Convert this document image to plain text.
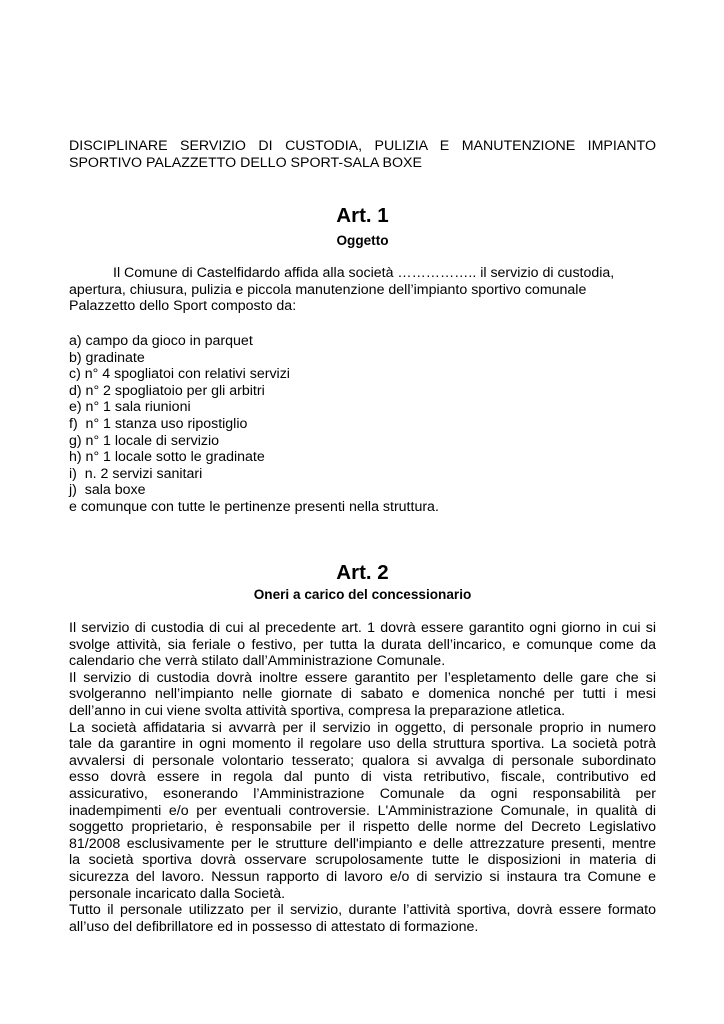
DISCIPLINARE SERVIZIO DI CUSTODIA, PULIZIA E MANUTENZIONE IMPIANTO

SPORTIVO PALAZZETTO DELLO SPORT-SALA BOXE

Art. 1
Oggetto

Il Comune di Castelfidardo affida alla società …………….. il servizio di custodia,

apertura, chiusura, pulizia e piccola manutenzione dell’impianto sportivo comunale

Palazzetto dello Sport composto da:

a) campo da gioco in parquet
b) gradinate
c) n° 4 spogliatoi con relativi servizi
d) n° 2 spogliatoio per gli arbitri
e) n° 1 sala riunioni
f)  n° 1 stanza uso ripostiglio
g) n° 1 locale di servizio
h) n° 1 locale sotto le gradinate
i)  n. 2 servizi sanitari
j)  sala boxe
e comunque con tutte le pertinenze presenti nella struttura.
Art. 2
Oneri a carico del concessionario

Il servizio di custodia di cui al precedente art. 1 dovrà essere garantito ogni giorno in cui si

svolge attività, sia feriale o festivo, per tutta la durata dell’incarico, e comunque come da

calendario che verrà stilato dall’Amministrazione Comunale.

Il servizio di custodia dovrà inoltre essere garantito per l’espletamento delle gare che si

svolgeranno nell’impianto nelle giornate di sabato e domenica nonché per tutti i mesi

dell’anno in cui viene svolta attività sportiva, compresa la preparazione atletica.

La società affidataria si avvarrà per il servizio in oggetto, di personale proprio in numero

tale da garantire in ogni momento il regolare uso della struttura sportiva. La società potrà

avvalersi di personale volontario tesserato; qualora si avvalga di personale subordinato

esso dovrà essere in regola dal punto di vista retributivo, fiscale, contributivo ed

assicurativo, esonerando l’Amministrazione Comunale da ogni responsabilità per

inadempimenti e/o per eventuali controversie. L'Amministrazione Comunale, in qualità di

soggetto proprietario, è responsabile per il rispetto delle norme del Decreto Legislativo

81/2008 esclusivamente per le strutture dell'impianto e delle attrezzature presenti, mentre

la società sportiva dovrà osservare scrupolosamente tutte le disposizioni in materia di

sicurezza del lavoro. Nessun rapporto di lavoro e/o di servizio si instaura tra Comune e

personale incaricato dalla Società.

Tutto il personale utilizzato per il servizio, durante l’attività sportiva, dovrà essere formato

all’uso del defibrillatore ed in possesso di attestato di formazione.
